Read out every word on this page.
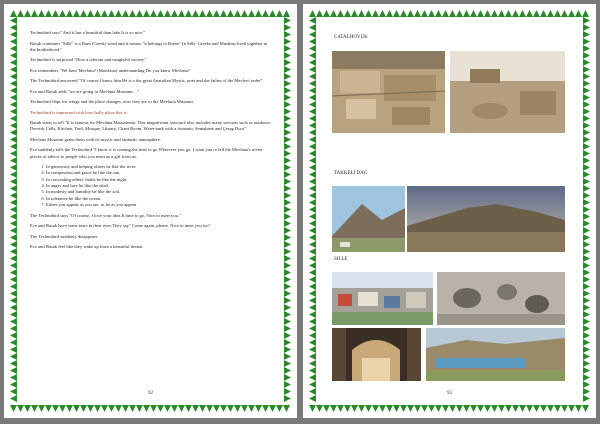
Technobird says" And it has a beautiful dam lake.It is so nice."

Basak continues "Sille" is a Rum (Greek) word and it means "it belongs to Rome" In Sille, Greeks and Muslims lived together in the brotherhood."

Technobird is surprised "How a tolerant and insightful society"

Ece remembers "We have Mevlana! (Mawlana) understanding Do you know Mevlana?

The Technobird answered "Of course I know him.He is a the great Anatolian Mystic, poet and the father of the Mevlevi order".

Ece and Basak adds "we are going to Mevlana Museum…"

Technobird flaps his wings and the place changes, now they are in the Mevlana Museum.

Technobird is impressed with how holly place this is.

Basak starts to tell "It is famous for Mevlana Mausoleum. This magnificent structure also includes many sections such as outdoors, Dervish Cells, Kitchen, Yard, Mosque, Library, Chant Room, Water-tank with a fountain, Semahane and Çerag Door"

Mevlana Museum grabs them with its mystic and fantastic atmosphere.

Ece suddenly tells the Technobird "I know it is coming the time to go Wherever you go, I want you to tell the Mevlana's seven pieces of advice to people who you meet as a gift from us.

1. In generosity and helping others be like the river.
2. In compassion and grace be like the sun.
3. In concealing others' faults be like the night.
4. In anger and fury be like the dead.
5. In modesty and humility be like the soil.
6. In tolerance be like the ocean.
7. Either you appear as you are, or be as you appear

The Technobird says "Of course, I love your idea.It time to go, Nice to meet you."

Ece and Basak have some tears in their eyes.They say" Come again, please. Nice to meet you too"

The Technobird suddenly disappears.

Ece and Basak feel like they wake up from a beautiful dream.

92
CATALHOYUK
TAKKELI DAG
SILLE
93
